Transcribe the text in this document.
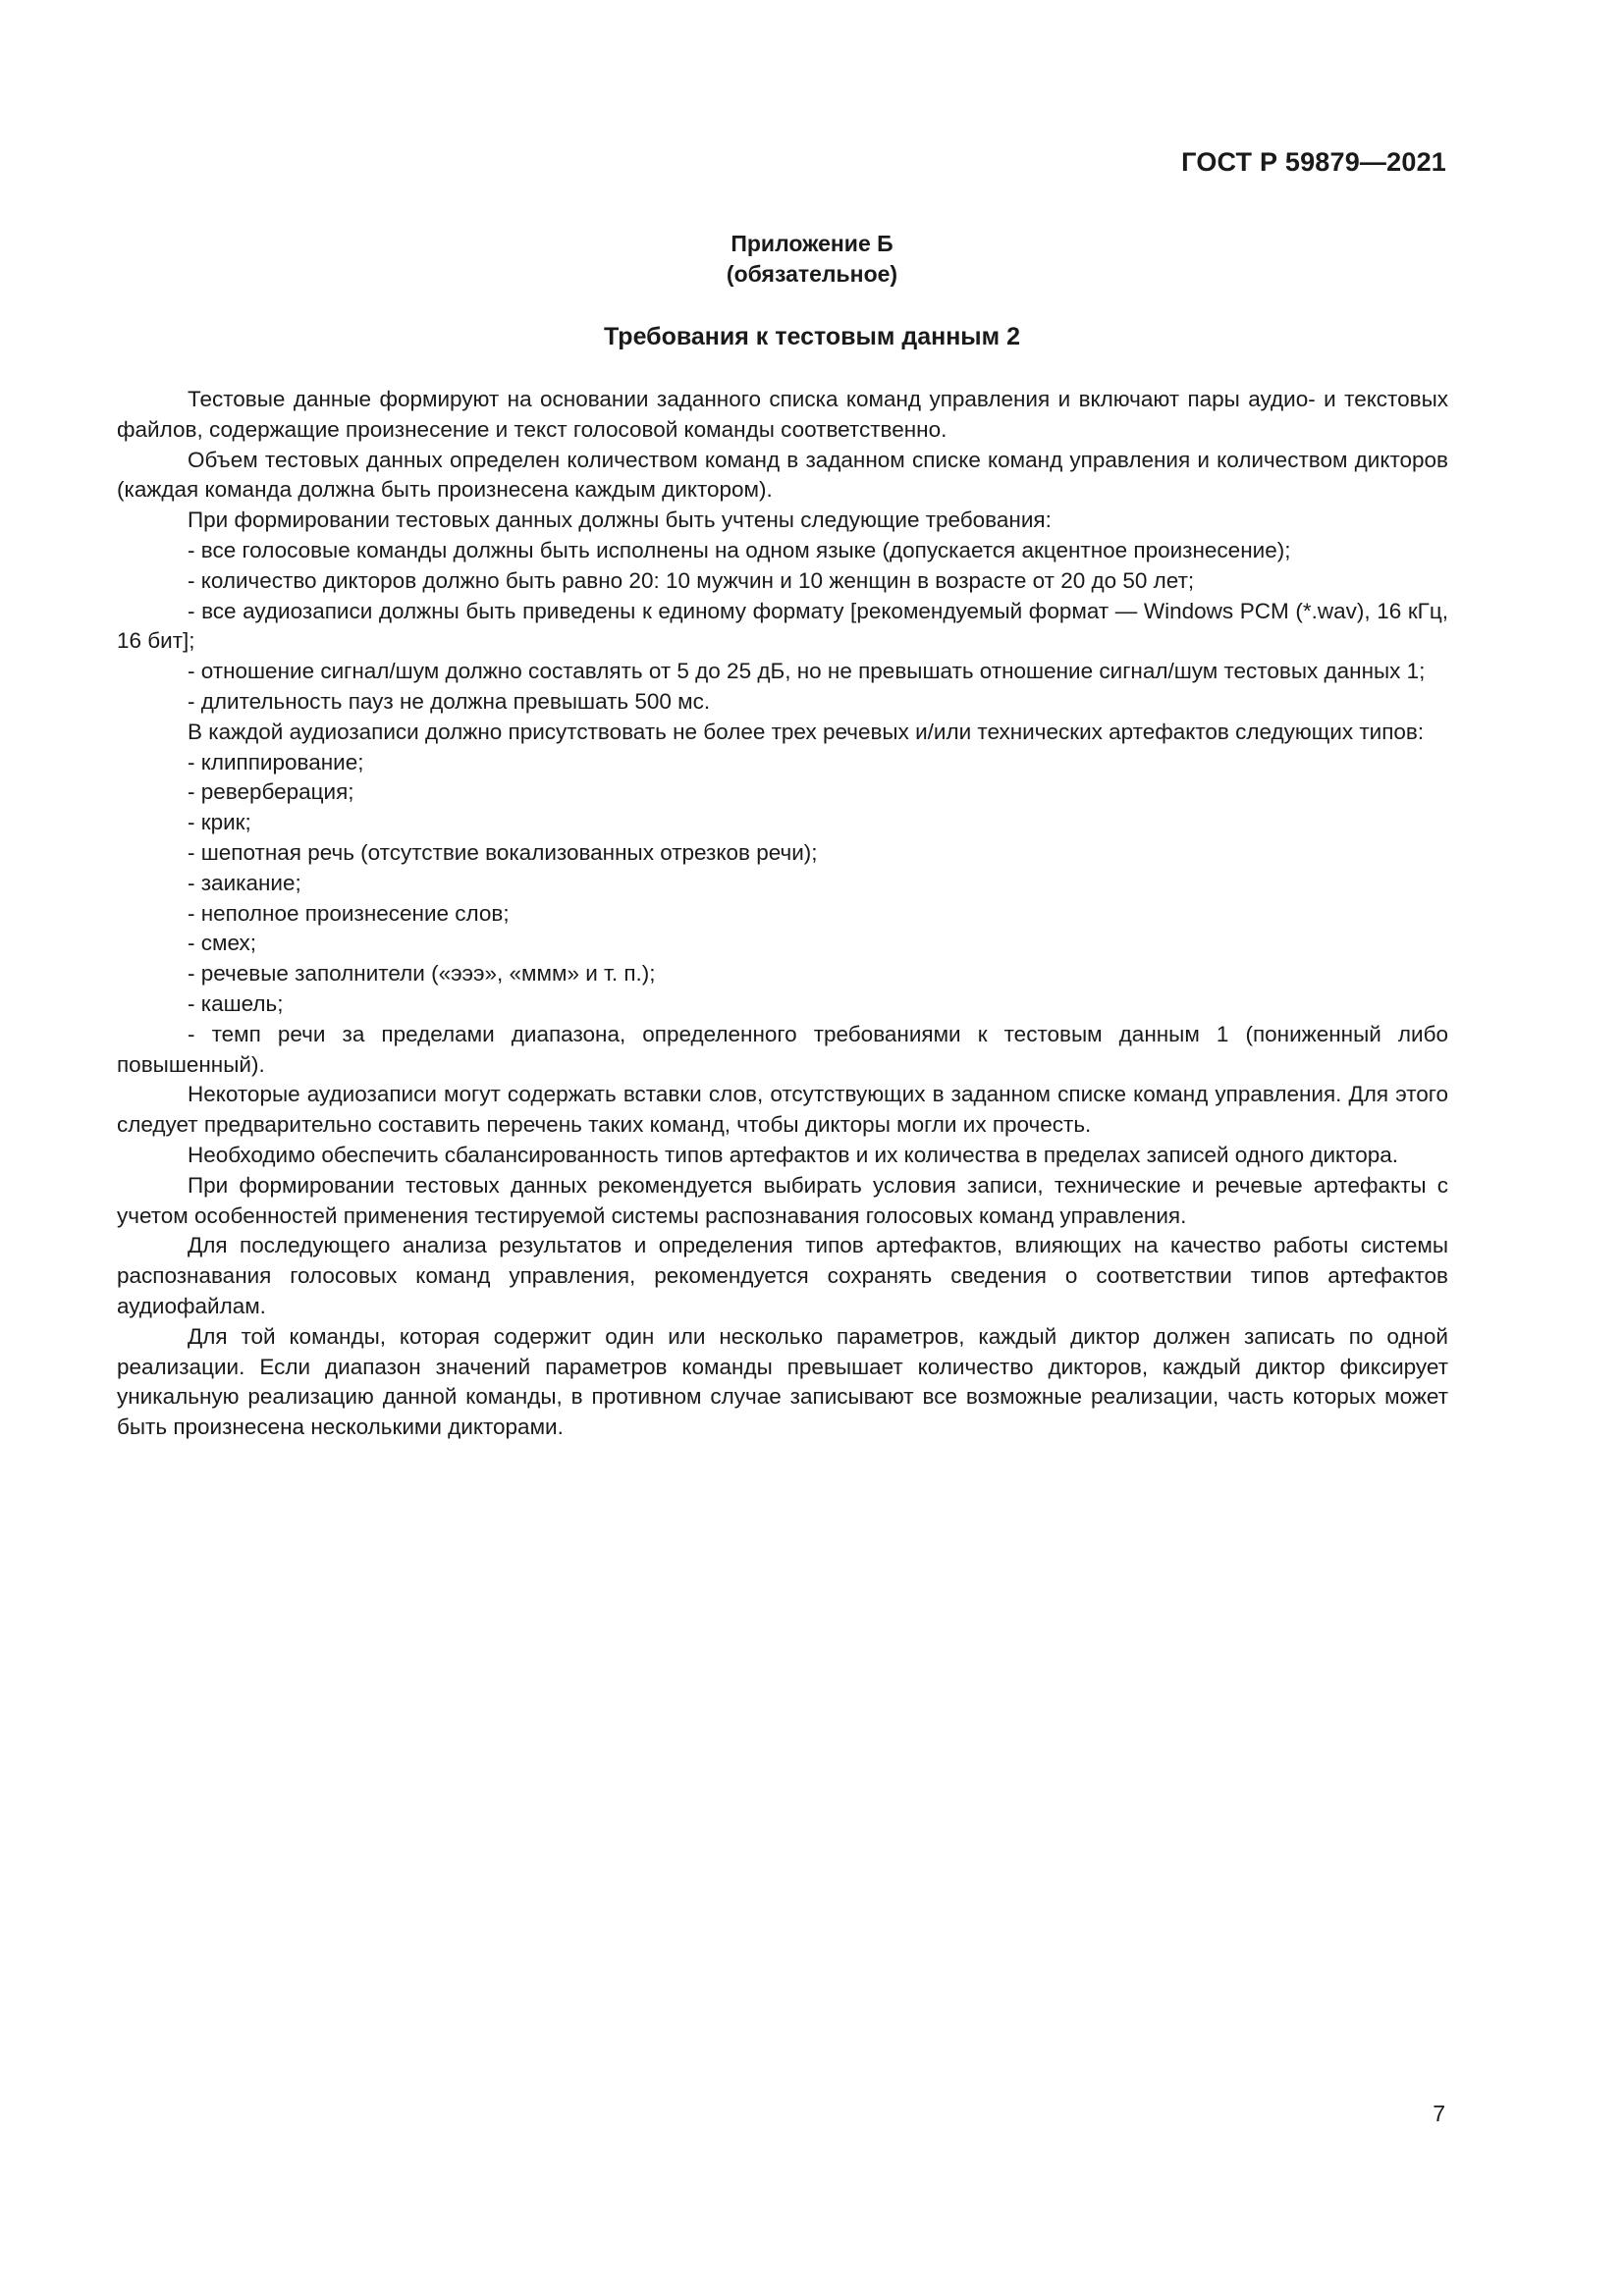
ГОСТ Р 59879—2021
Приложение Б
(обязательное)
Требования к тестовым данным 2

Тестовые данные формируют на основании заданного списка команд управления и включают пары аудио- и текстовых файлов, содержащие произнесение и текст голосовой команды соответственно.

Объем тестовых данных определен количеством команд в заданном списке команд управления и количеством дикторов (каждая команда должна быть произнесена каждым диктором).

При формировании тестовых данных должны быть учтены следующие требования:

- все голосовые команды должны быть исполнены на одном языке (допускается акцентное произнесение);

- количество дикторов должно быть равно 20: 10 мужчин и 10 женщин в возрасте от 20 до 50 лет;

- все аудиозаписи должны быть приведены к единому формату [рекомендуемый формат — Windows PCM (*.wav), 16 кГц, 16 бит];

- отношение сигнал/шум должно составлять от 5 до 25 дБ, но не превышать отношение сигнал/шум тестовых данных 1;

- длительность пауз не должна превышать 500 мс.

В каждой аудиозаписи должно присутствовать не более трех речевых и/или технических артефактов следующих типов:

- клиппирование;

- реверберация;

- крик;

- шепотная речь (отсутствие вокализованных отрезков речи);

- заикание;

- неполное произнесение слов;

- смех;

- речевые заполнители («эээ», «ммм» и т. п.);

- кашель;

- темп речи за пределами диапазона, определенного требованиями к тестовым данным 1 (пониженный либо повышенный).

Некоторые аудиозаписи могут содержать вставки слов, отсутствующих в заданном списке команд управления. Для этого следует предварительно составить перечень таких команд, чтобы дикторы могли их прочесть.

Необходимо обеспечить сбалансированность типов артефактов и их количества в пределах записей одного диктора.

При формировании тестовых данных рекомендуется выбирать условия записи, технические и речевые артефакты с учетом особенностей применения тестируемой системы распознавания голосовых команд управления.

Для последующего анализа результатов и определения типов артефактов, влияющих на качество работы системы распознавания голосовых команд управления, рекомендуется сохранять сведения о соответствии типов артефактов аудиофайлам.

Для той команды, которая содержит один или несколько параметров, каждый диктор должен записать по одной реализации. Если диапазон значений параметров команды превышает количество дикторов, каждый диктор фиксирует уникальную реализацию данной команды, в противном случае записывают все возможные реализации, часть которых может быть произнесена несколькими дикторами.

7
